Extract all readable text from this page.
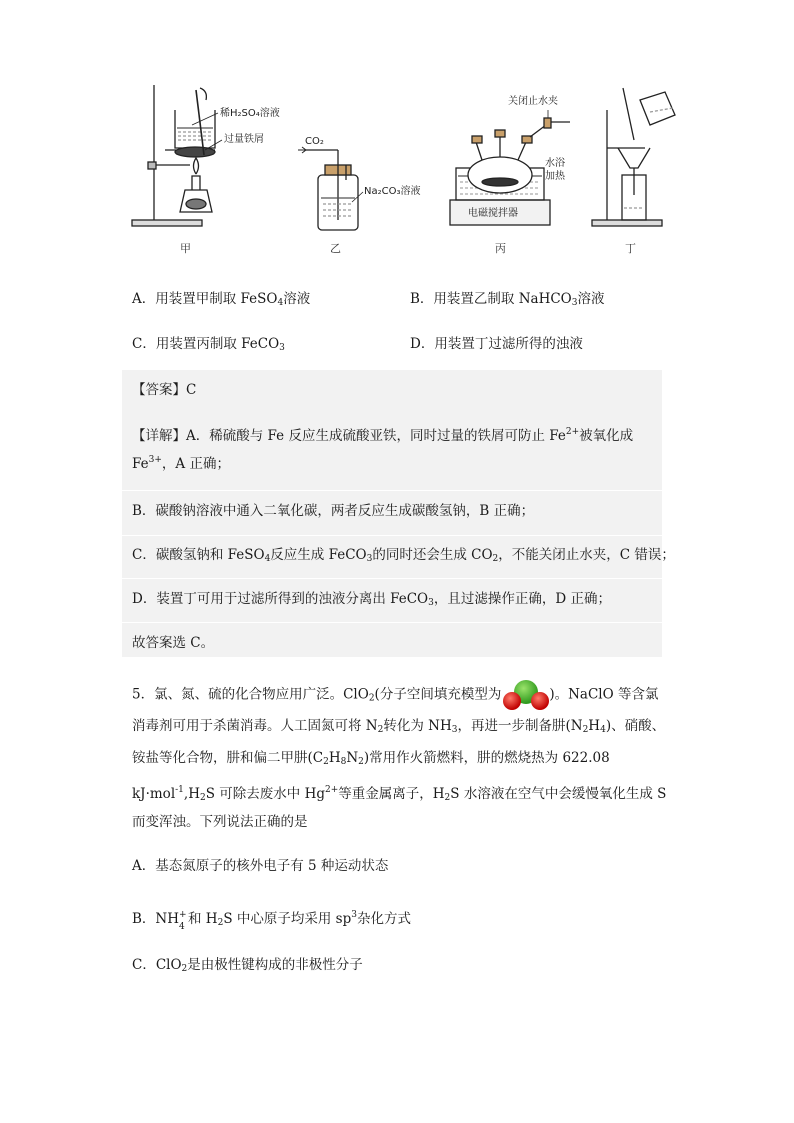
稀H₂SO₄溶液
过量铁屑
甲
CO₂
Na₂CO₃溶液
乙
关闭止水夹
水浴
加热
电磁搅拌器
丙	丁
A．用装置甲制取 FeSO$_4$溶液	B．用装置乙制取 NaHCO$_3$溶液
C．用装置丙制取 FeCO$_3$	D．用装置丁过滤所得的浊液
【答案】C
【详解】A．稀硫酸与 Fe 反应生成硫酸亚铁，同时过量的铁屑可防止 $Fe^{2+}$被氧化成
$Fe^{3+}$，A 正确；
B．碳酸钠溶液中通入二氧化碳，两者反应生成碳酸氢钠，B 正确；
C．碳酸氢钠和 FeSO$_4$反应生成 FeCO$_3$的同时还会生成 $CO_2$，不能关闭止水夹，C 错误；
D．装置丁可用于过滤所得到的浊液分离出 FeCO$_3$，且过滤操作正确，D 正确；
故答案选 C。
5．氯、氮、硫的化合物应用广泛。ClO$_2$(分子空间填充模型为	)。NaClO 等含氯
消毒剂可用于杀菌消毒。人工固氮可将 $N_2$转化为 $NH_3$，再进一步制备肼$(N_2H_4)$、硝酸、
铵盐等化合物，肼和偏二甲肼$(C_2H_8N_2)$常用作火箭燃料，肼的燃烧热为 622.08
$kJ\cdot mol^{-1},H_2S$ 可除去废水中 $Hg^{2+}$等重金属离子，$H_2S$ 水溶液在空气中会缓慢氧化生成 S
而变浑浊。下列说法正确的是
A．基态氮原子的核外电子有 5 种运动状态
B．NH +
4 和 $H_2S$ 中心原子均采用 $sp^3$杂化方式
C．ClO$_2$是由极性键构成的非极性分子
